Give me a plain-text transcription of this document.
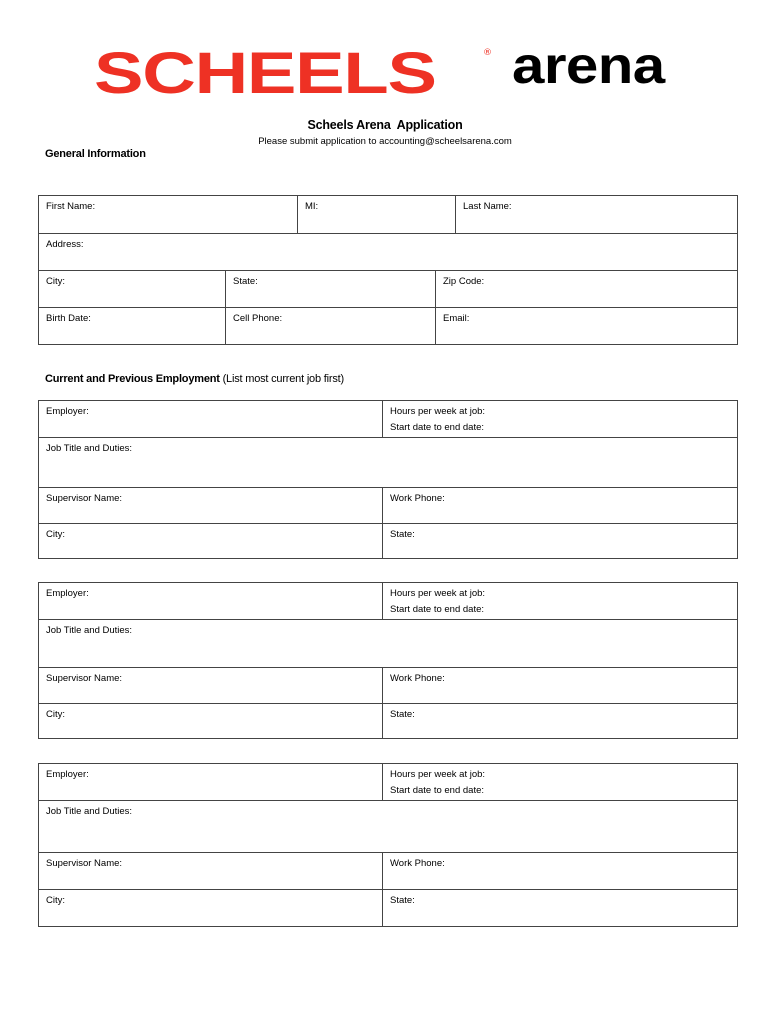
SCHEELS	® arena
Scheels Arena  Application
Please submit application to accounting@scheelsarena.com
General Information
First Name:	MI:	Last Name:
Address:
City:	State:	Zip Code:
Birth Date:	Cell Phone:	Email:
Current and Previous Employment (List most current job first)
Employer:	Hours per week at job:
Start date to end date:
Job Title and Duties:
Supervisor Name:	Work Phone:
City:	State:
Employer:	Hours per week at job:
Start date to end date:
Job Title and Duties:
Supervisor Name:	Work Phone:
City:	State:
Employer:	Hours per week at job:
Start date to end date:
Job Title and Duties:
Supervisor Name:	Work Phone:
City:	State:
